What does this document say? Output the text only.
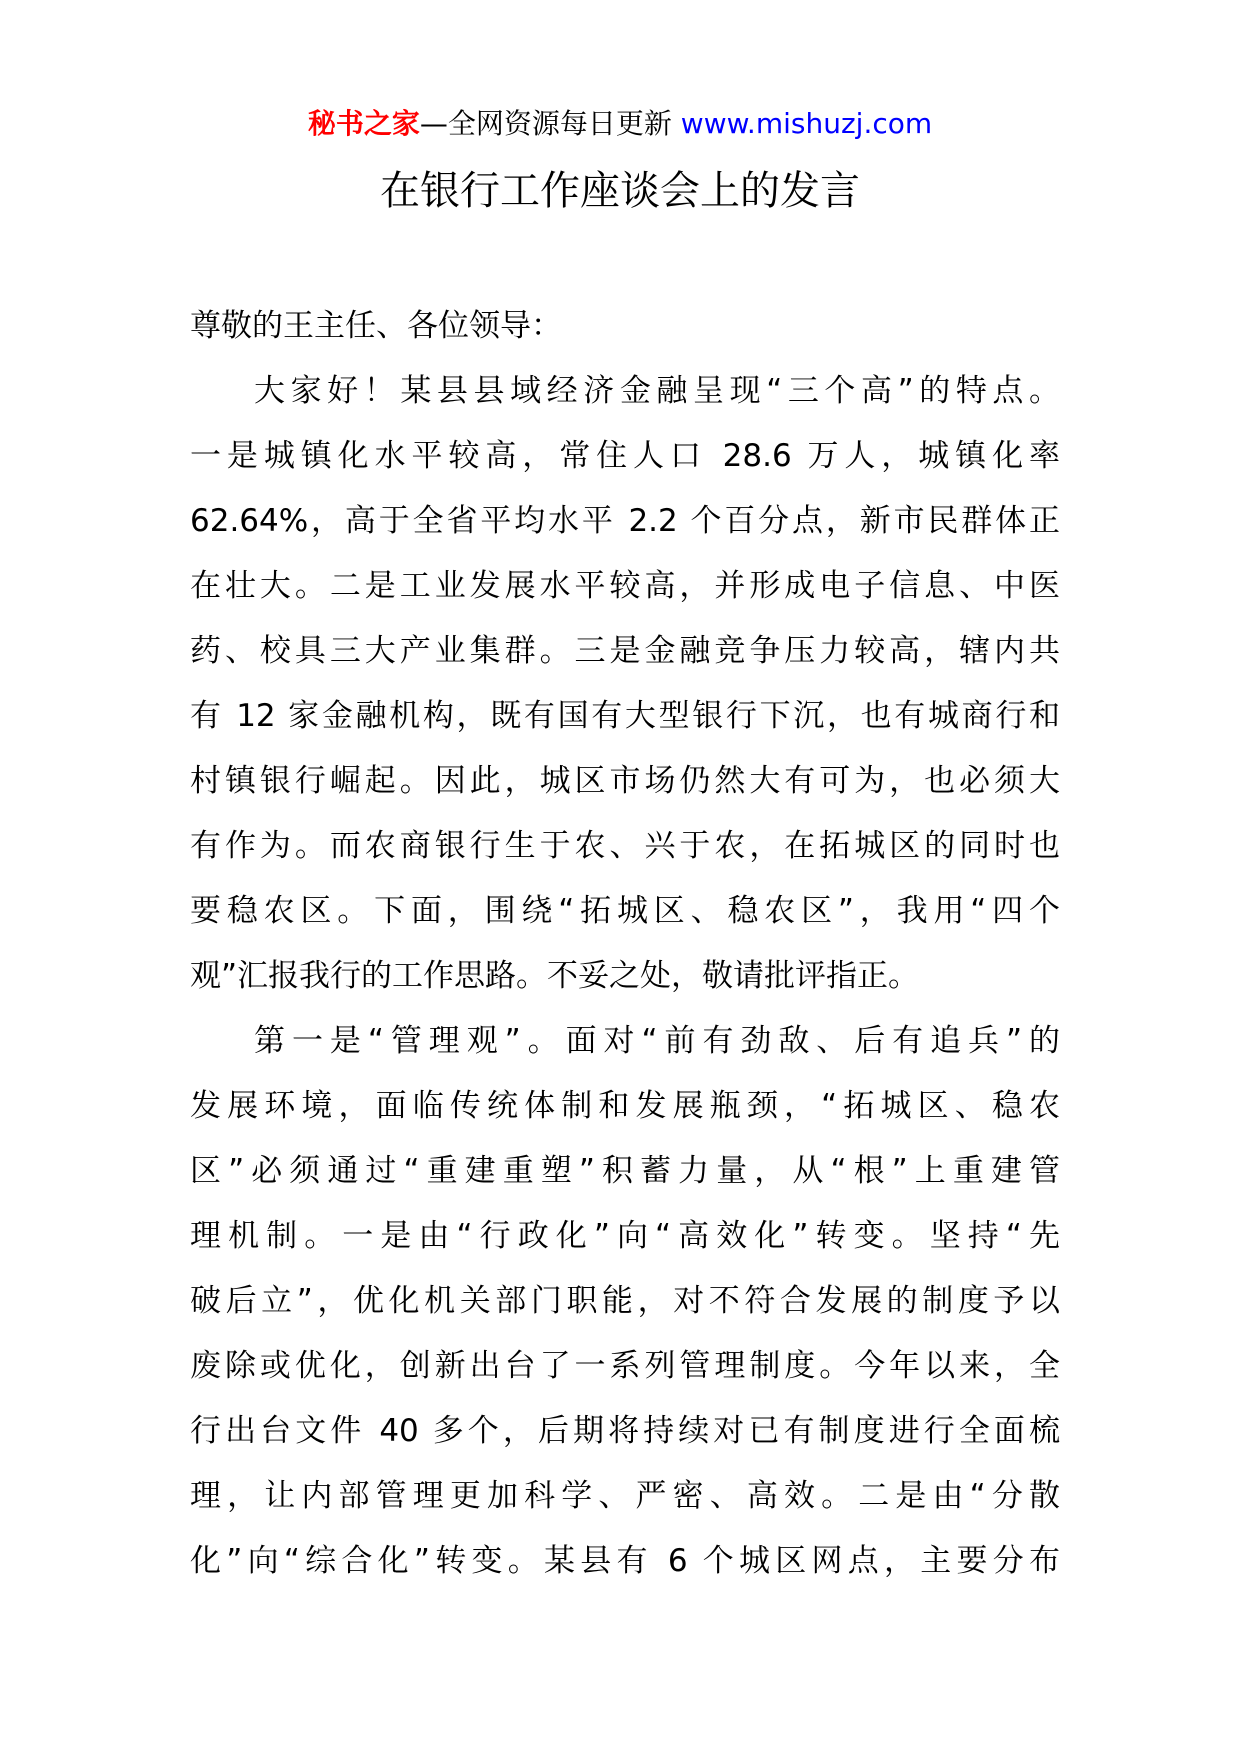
秘书之家—全网资源每日更新 www.mishuzj.com
在银行工作座谈会上的发言
尊敬的王主任、各位领导：
大家好！某县县域经济金融呈现“三个高”的特点。
一是城镇化水平较高，常住人口 28.6 万人，城镇化率
62.64%，高于全省平均水平 2.2 个百分点，新市民群体正
在壮大。二是工业发展水平较高，并形成电子信息、中医
药、校具三大产业集群。三是金融竞争压力较高，辖内共
有 12 家金融机构，既有国有大型银行下沉，也有城商行和
村镇银行崛起。因此，城区市场仍然大有可为，也必须大
有作为。而农商银行生于农、兴于农，在拓城区的同时也
要稳农区。下面，围绕“拓城区、稳农区”，我用“四个
观”汇报我行的工作思路。不妥之处，敬请批评指正。
第一是“管理观”。面对“前有劲敌、后有追兵”的
发展环境，面临传统体制和发展瓶颈，“拓城区、稳农
区”必须通过“重建重塑”积蓄力量，从“根”上重建管
理机制。一是由“行政化”向“高效化”转变。坚持“先
破后立”，优化机关部门职能，对不符合发展的制度予以
废除或优化，创新出台了一系列管理制度。今年以来，全
行出台文件 40 多个，后期将持续对已有制度进行全面梳
理，让内部管理更加科学、严密、高效。二是由“分散
化”向“综合化”转变。某县有 6 个城区网点，主要分布
